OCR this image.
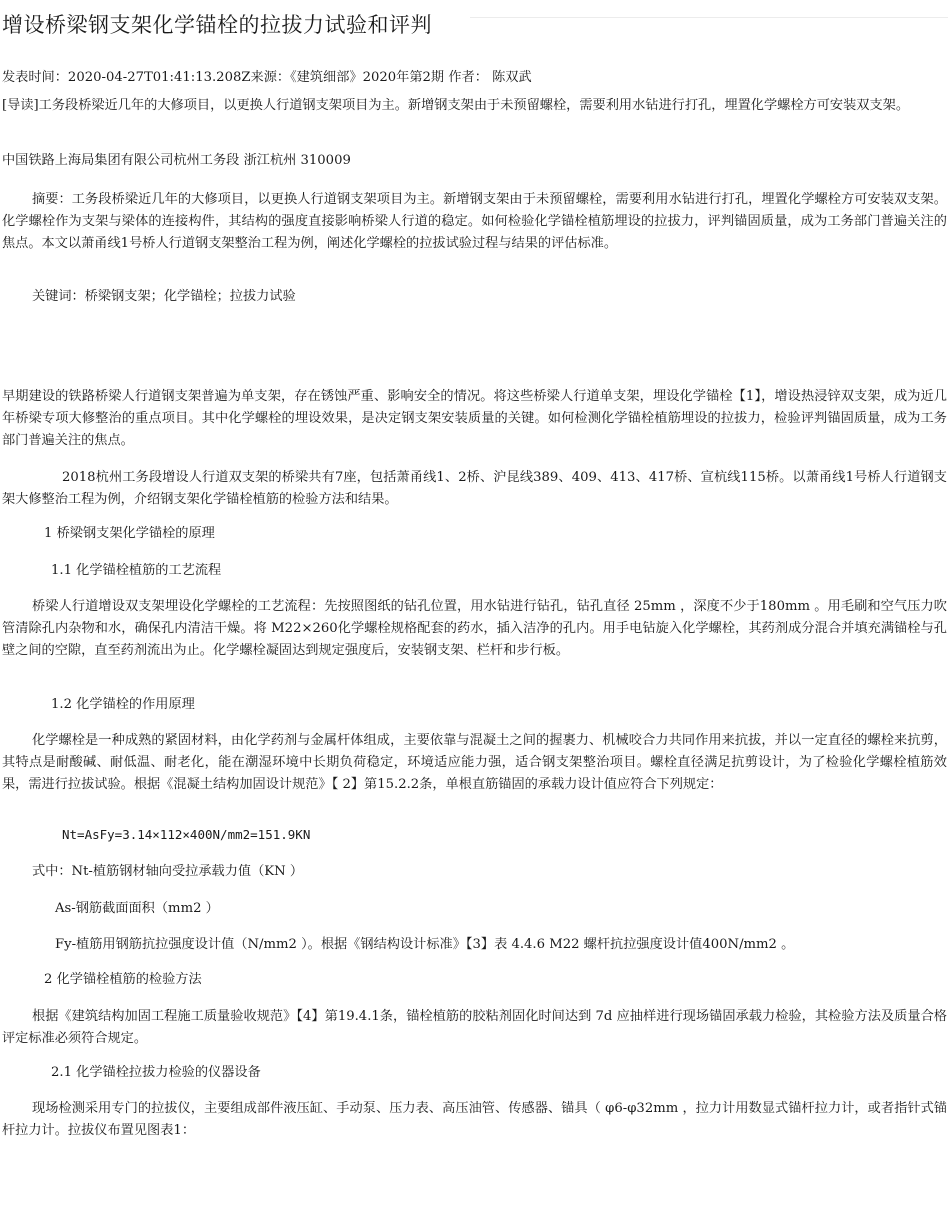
增设桥梁钢支架化学锚栓的拉拔力试验和评判

发表时间：2020-04-27T01:41:13.208Z来源：《建筑细部》2020年第2期 作者： 陈双武

[导读]工务段桥梁近几年的大修项目，以更换人行道钢支架项目为主。新增钢支架由于未预留螺栓，需要利用水钻进行打孔，埋置化学螺栓方可安装双支架。

中国铁路上海局集团有限公司杭州工务段 浙江杭州 310009

摘要：工务段桥梁近几年的大修项目，以更换人行道钢支架项目为主。新增钢支架由于未预留螺栓，需要利用水钻进行打孔，埋置化学螺栓方可安装双支架。化学螺栓作为支架与梁体的连接构件，其结构的强度直接影响桥梁人行道的稳定。如何检验化学锚栓植筋埋设的拉拔力，评判锚固质量，成为工务部门普遍关注的焦点。本文以萧甬线1号桥人行道钢支架整治工程为例，阐述化学螺栓的拉拔试验过程与结果的评估标准。

关键词：桥梁钢支架；化学锚栓；拉拔力试验

早期建设的铁路桥梁人行道钢支架普遍为单支架，存在锈蚀严重、影响安全的情况。将这些桥梁人行道单支架，埋设化学锚栓【1】，增设热浸锌双支架，成为近几年桥梁专项大修整治的重点项目。其中化学螺栓的埋设效果，是决定钢支架安装质量的关键。如何检测化学锚栓植筋埋设的拉拔力，检验评判锚固质量，成为工务部门普遍关注的焦点。

2018杭州工务段增设人行道双支架的桥梁共有7座，包括萧甬线1、2桥、沪昆线389、409、413、417桥、宣杭线115桥。以萧甬线1号桥人行道钢支架大修整治工程为例，介绍钢支架化学锚栓植筋的检验方法和结果。

1 桥梁钢支架化学锚栓的原理

1.1 化学锚栓植筋的工艺流程

桥梁人行道增设双支架埋设化学螺栓的工艺流程：先按照图纸的钻孔位置，用水钻进行钻孔，钻孔直径 25mm ，深度不少于180mm 。用毛刷和空气压力吹管清除孔内杂物和水，确保孔内清洁干燥。将 M22×260化学螺栓规格配套的药水，插入洁净的孔内。用手电钻旋入化学螺栓，其药剂成分混合并填充满锚栓与孔壁之间的空隙，直至药剂流出为止。化学螺栓凝固达到规定强度后，安装钢支架、栏杆和步行板。

1.2 化学锚栓的作用原理

化学螺栓是一种成熟的紧固材料，由化学药剂与金属杆体组成，主要依靠与混凝土之间的握裹力、机械咬合力共同作用来抗拔，并以一定直径的螺栓来抗剪，其特点是耐酸碱、耐低温、耐老化，能在潮湿环境中长期负荷稳定，环境适应能力强，适合钢支架整治项目。螺栓直径满足抗剪设计，为了检验化学螺栓植筋效果，需进行拉拔试验。根据《混凝土结构加固设计规范》【 2】第15.2.2条，单根直筋锚固的承载力设计值应符合下列规定：

Nt=AsFy=3.14×112×400N/mm2=151.9KN

式中：Nt-植筋钢材轴向受拉承载力值（KN ）

As-钢筋截面面积（mm2 ）

Fy-植筋用钢筋抗拉强度设计值（N/mm2 ）。根据《钢结构设计标准》【3】表 4.4.6 M22 螺杆抗拉强度设计值400N/mm2 。

2 化学锚栓植筋的检验方法

根据《建筑结构加固工程施工质量验收规范》【4】第19.4.1条，锚栓植筋的胶粘剂固化时间达到 7d 应抽样进行现场锚固承载力检验，其检验方法及质量合格评定标准必须符合规定。

2.1 化学锚栓拉拔力检验的仪器设备

现场检测采用专门的拉拔仪，主要组成部件液压缸、手动泵、压力表、高压油管、传感器、锚具（ φ6-φ32mm ，拉力计用数显式锚杆拉力计，或者指针式锚杆拉力计。拉拔仪布置见图表1：
